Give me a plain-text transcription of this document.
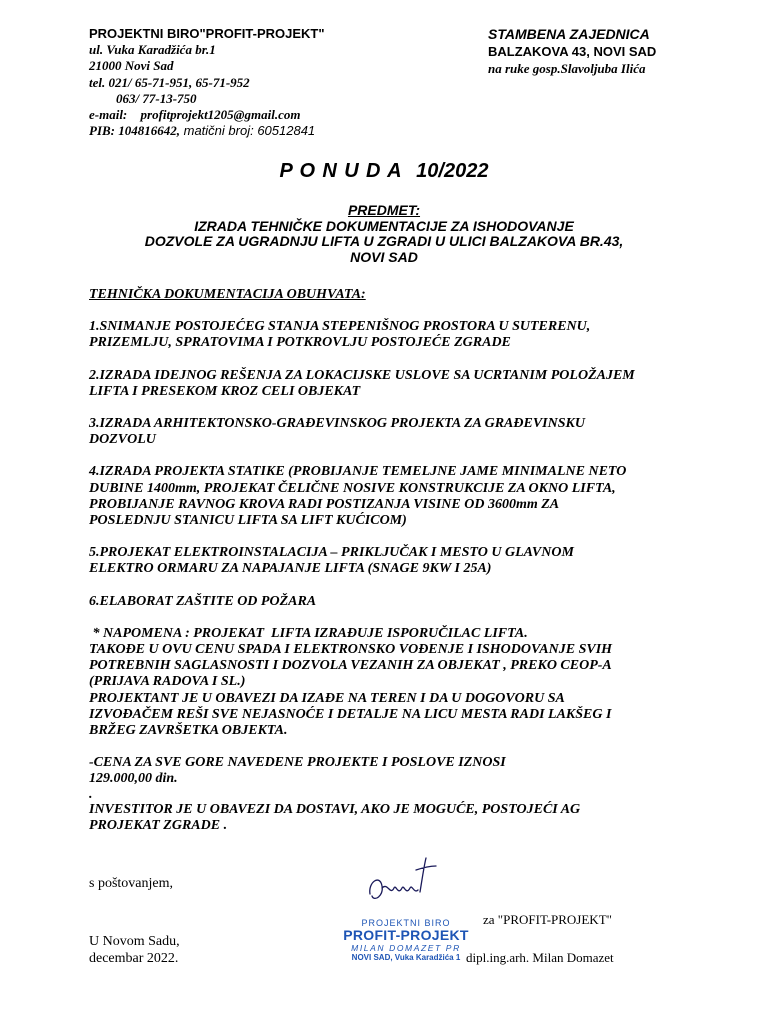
PROJEKTNI BIRO"PROFIT-PROJEKT"
ul. Vuka Karadžića br.1
21000 Novi Sad
tel. 021/ 65-71-951, 65-71-952
063/ 77-13-750
e-mail: profitprojekt1205@gmail.com
PIB: 104816642, matični broj: 60512841
STAMBENA ZAJEDNICA
BALZAKOVA 43, NOVI SAD
na ruke gosp.Slavoljuba Ilića
P O N U D A 10/2022
PREDMET:
IZRADA TEHNIČKE DOKUMENTACIJE ZA ISHODOVANJE
DOZVOLE ZA UGRADNJU LIFTA U ZGRADI U ULICI BALZAKOVA BR.43,
NOVI SAD

TEHNIČKA DOKUMENTACIJA OBUHVATA:

1.SNIMANJE POSTOJEĆEG STANJA STEPENIŠNOG PROSTORA U SUTERENU,

PRIZEMLJU, SPRATOVIMA I POTKROVLJU POSTOJEĆE ZGRADE

2.IZRADA IDEJNOG REŠENJA ZA LOKACIJSKE USLOVE SA UCRTANIM POLOŽAJEM

LIFTA I PRESEKOM KROZ CELI OBJEKAT

3.IZRADA ARHITEKTONSKO-GRAĐEVINSKOG PROJEKTA ZA GRAĐEVINSKU

DOZVOLU

4.IZRADA PROJEKTA STATIKE (PROBIJANJE TEMELJNE JAME MINIMALNE NETO

DUBINE 1400mm, PROJEKAT ČELIČNE NOSIVE KONSTRUKCIJE ZA OKNO LIFTA,

PROBIJANJE RAVNOG KROVA RADI POSTIZANJA VISINE OD 3600mm ZA

POSLEDNJU STANICU LIFTA SA LIFT KUĆICOM)

5.PROJEKAT ELEKTROINSTALACIJA – PRIKLJUČAK I MESTO U GLAVNOM

ELEKTRO ORMARU ZA NAPAJANJE LIFTA (SNAGE 9KW I 25A)

6.ELABORAT ZAŠTITE OD POŽARA

* NAPOMENA : PROJEKAT  LIFTA IZRAĐUJE ISPORUČILAC LIFTA.

TAKOĐE U OVU CENU SPADA I ELEKTRONSKO VOĐENJE I ISHODOVANJE SVIH

POTREBNIH SAGLASNOSTI I DOZVOLA VEZANIH ZA OBJEKAT , PREKO CEOP-A

(PRIJAVA RADOVA I SL.)

PROJEKTANT JE U OBAVEZI DA IZAĐE NA TEREN I DA U DOGOVORU SA

IZVOĐAČEM REŠI SVE NEJASNOĆE I DETALJE NA LICU MESTA RADI LAKŠEG I

BRŽEG ZAVRŠETKA OBJEKTA.

-CENA ZA SVE GORE NAVEDENE PROJEKTE I POSLOVE IZNOSI

129.000,00 din.

.

INVESTITOR JE U OBAVEZI DA DOSTAVI, AKO JE MOGUĆE, POSTOJEĆI AG

PROJEKAT ZGRADE .

s poštovanjem,
U Novom Sadu,
decembar 2022.
PROJEKTNI BIRO
PROFIT-PROJEKT
MILAN DOMAZET PR
NOVI SAD, Vuka Karadžića 1
za "PROFIT-PROJEKT"
dipl.ing.arh. Milan Domazet
